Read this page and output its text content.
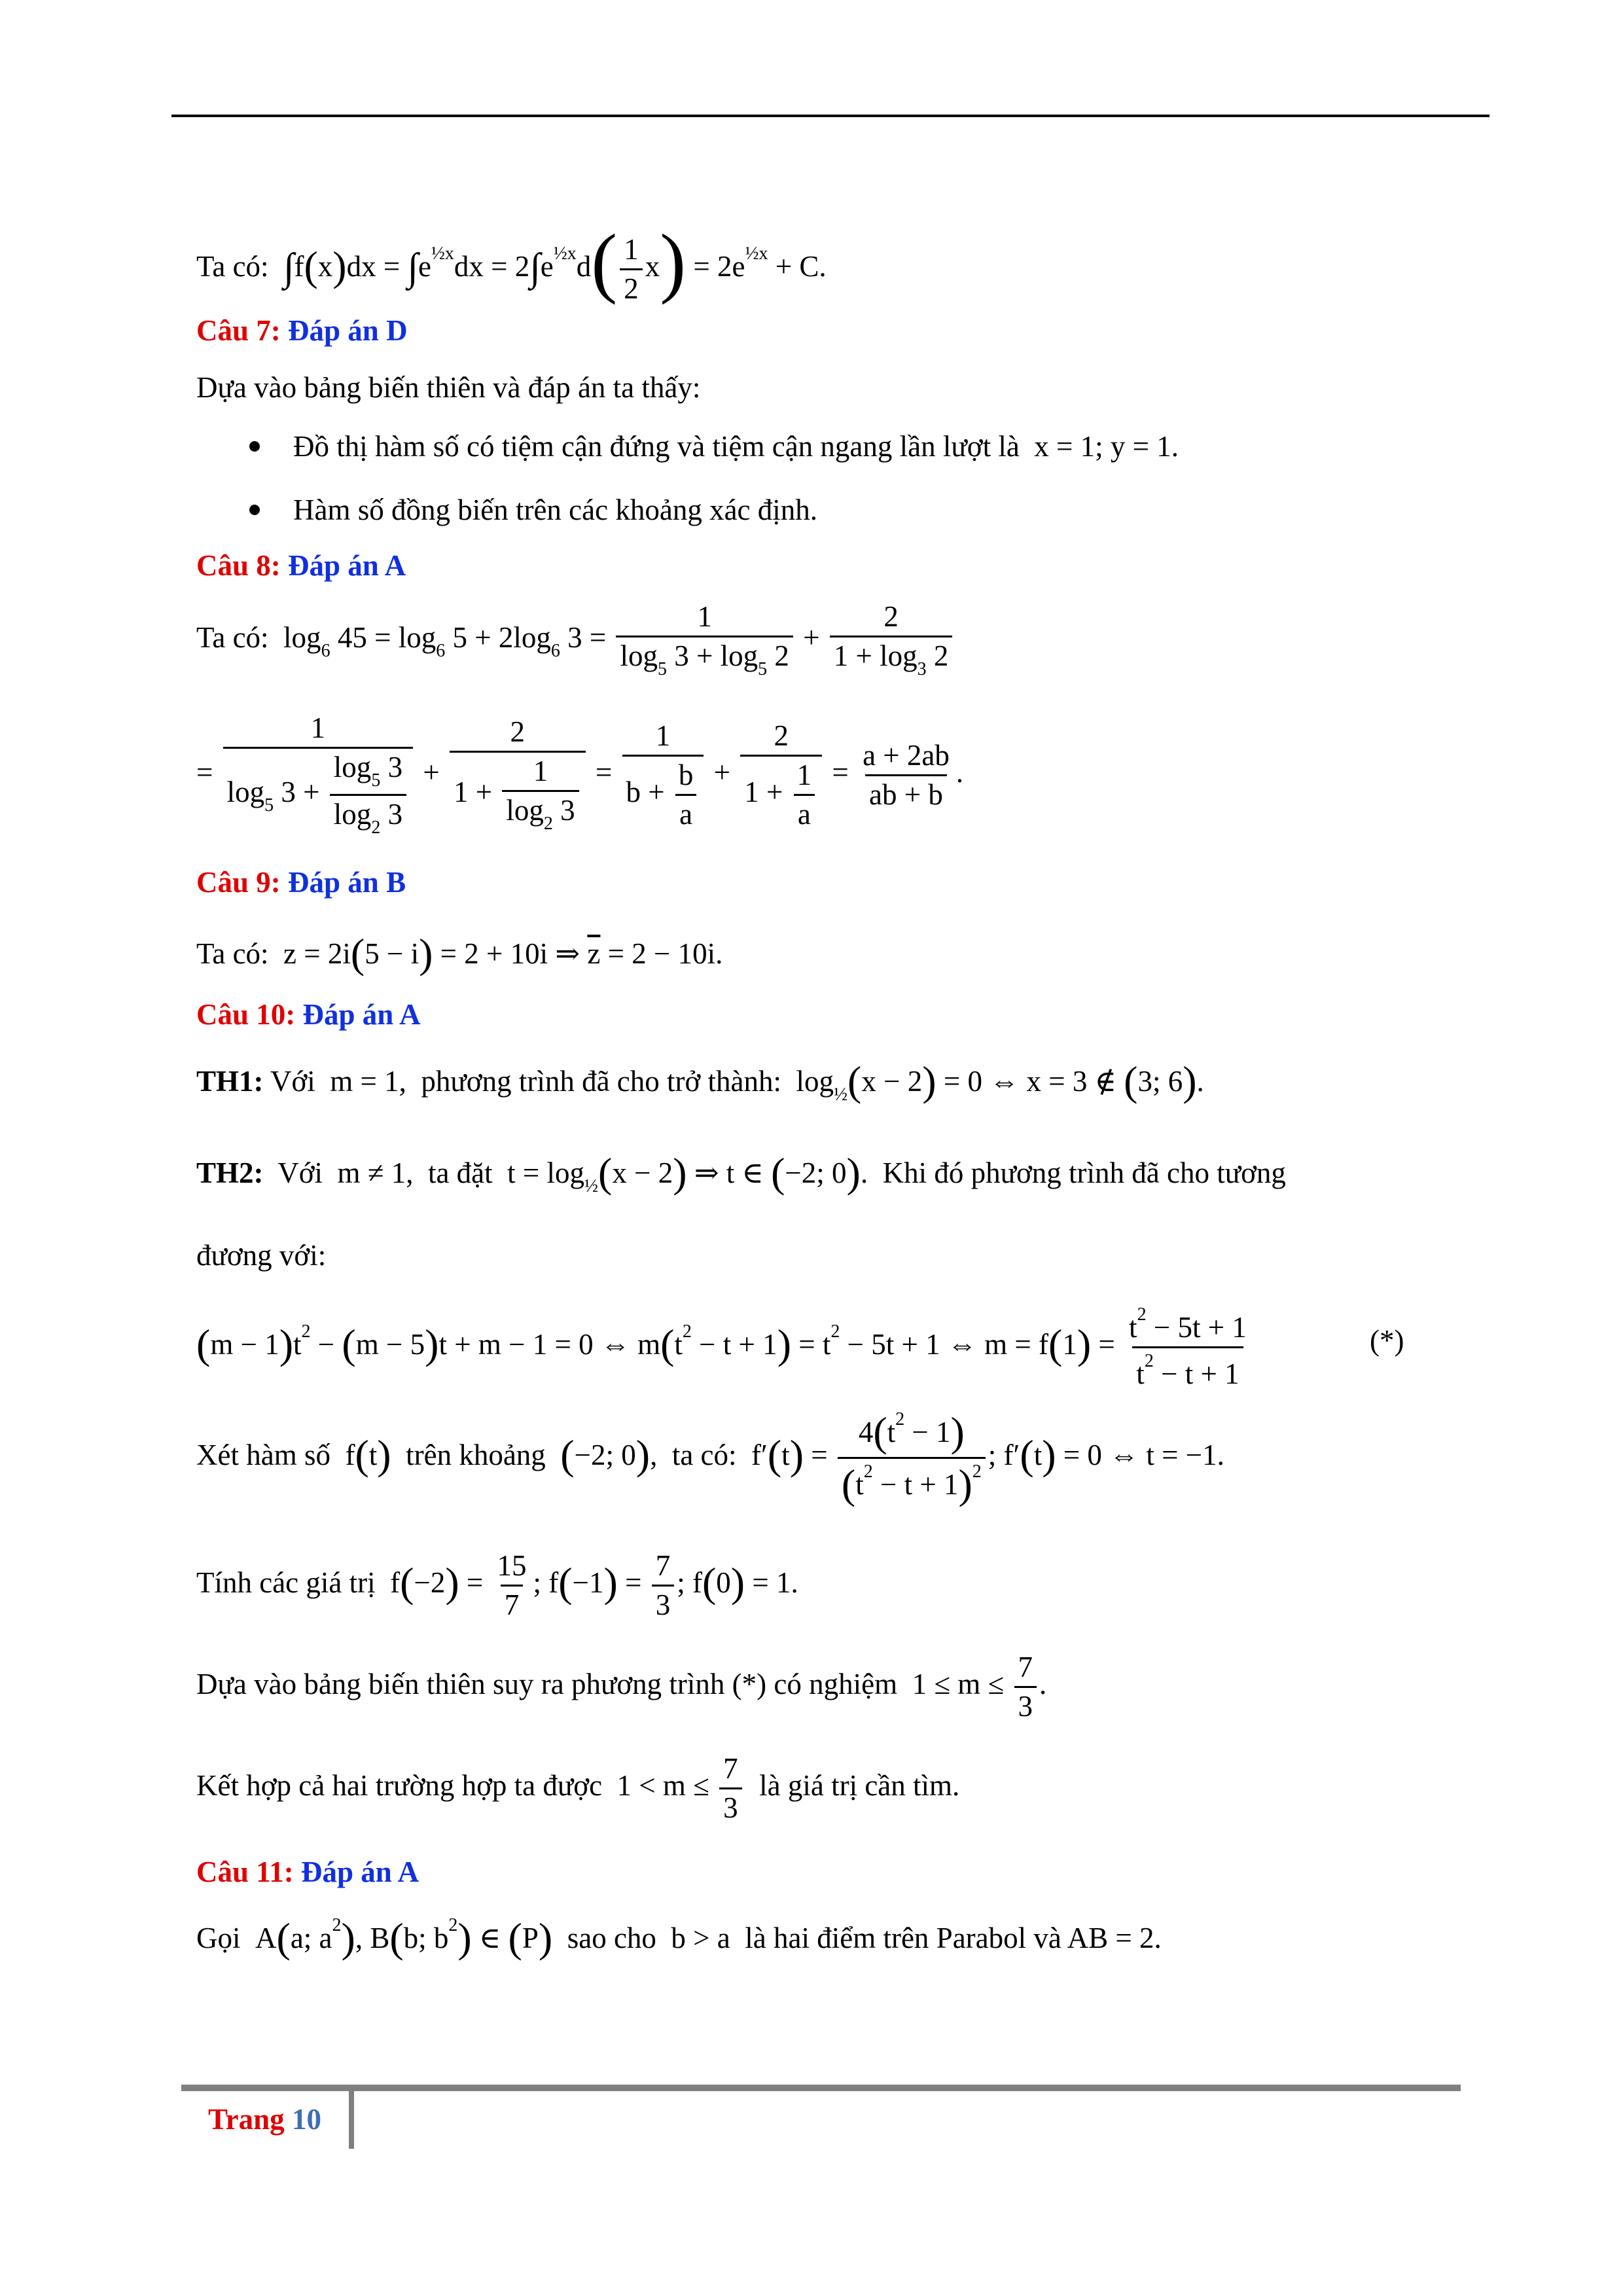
Ta có: $\int f(x)dx = \int e^{\frac{1}{2}x}dx = 2\int e^{\frac{1}{2}x}d( \frac{1}{2} x) = 2e^{\frac{1}{2}x} + C$.
Câu 7: Đáp án D
Dựa vào bảng biến thiên và đáp án ta thấy:
Đồ thị hàm số có tiệm cận đứng và tiệm cận ngang lần lượt là x = 1; y = 1.
Hàm số đồng biến trên các khoảng xác định.
Câu 8: Đáp án A
Ta có:  $\log_6 45 = \log_6 5 + 2\log_6$ $3 = \frac{1}{\log_5 3 + \log_5 2} + \frac{2}{1 + \log_3 2}$
= $\frac{1}{\log_5 3 + \frac{\log_5 3}{\log_2 3}} + \frac{2}{1 + \frac{1}{\log_2 3}} = \frac{1}{b + \frac{b}{a}} + \frac{2}{1 + \frac{1}{a}} = \frac{a + 2ab}{ab + b}$ .
Câu 9: Đáp án B
Ta có:  z = 2i(5 − i) = 2 + 10i ⇒ $\overline{z} = 2 - 10i$.
Câu 10: Đáp án A
TH1: Với  m = 1,  phương trình đã cho trở thành:  $\log_{\frac{1}{2}}(x - 2) = 0$ ⇔ x = 3 ∉ (3; 6).
TH2: Với  m ≠ 1,  ta đặt  $t = \log_{\frac{1}{2}}(x - 2)$ ⇒ t ∈ (−2; 0).  Khi đó phương trình đã cho tương
đương với:
$(m - 1)t^2 - (m - 5)t + m - 1 = 0$ ⇔ $m(t^2 - t + 1) = t^2 - 5t + 1$ ⇔ $m = f(1) = \frac{t^2 - 5t + 1}{t^2 - t + 1}$	(*)
Xét hàm số  f(t) trên khoảng (−2; 0),  ta có:  $f'(t) = \frac{4(t^2 - 1)}{(t^2 - t + 1)^2}$ ; f′(t) = 0 ⇔ t = −1.
Tính các giá trị  $f(-2) = \frac{15}{7}$ ; $f(-1) = \frac{7}{3}$ ; f(0) = 1.
Dựa vào bảng biến thiên suy ra phương trình (*) có nghiệm  $1 \le m \le \frac{7}{3}$ .
Kết hợp cả hai trường hợp ta được  $1 < m \le \frac{7}{3}$ là giá trị cần tìm.
Câu 11: Đáp án A
Gọi  A(a; $a^2$), B(b; $b^2$) ∈ (P) sao cho  b > a  là hai điểm trên Parabol và AB = 2.
Trang 10
